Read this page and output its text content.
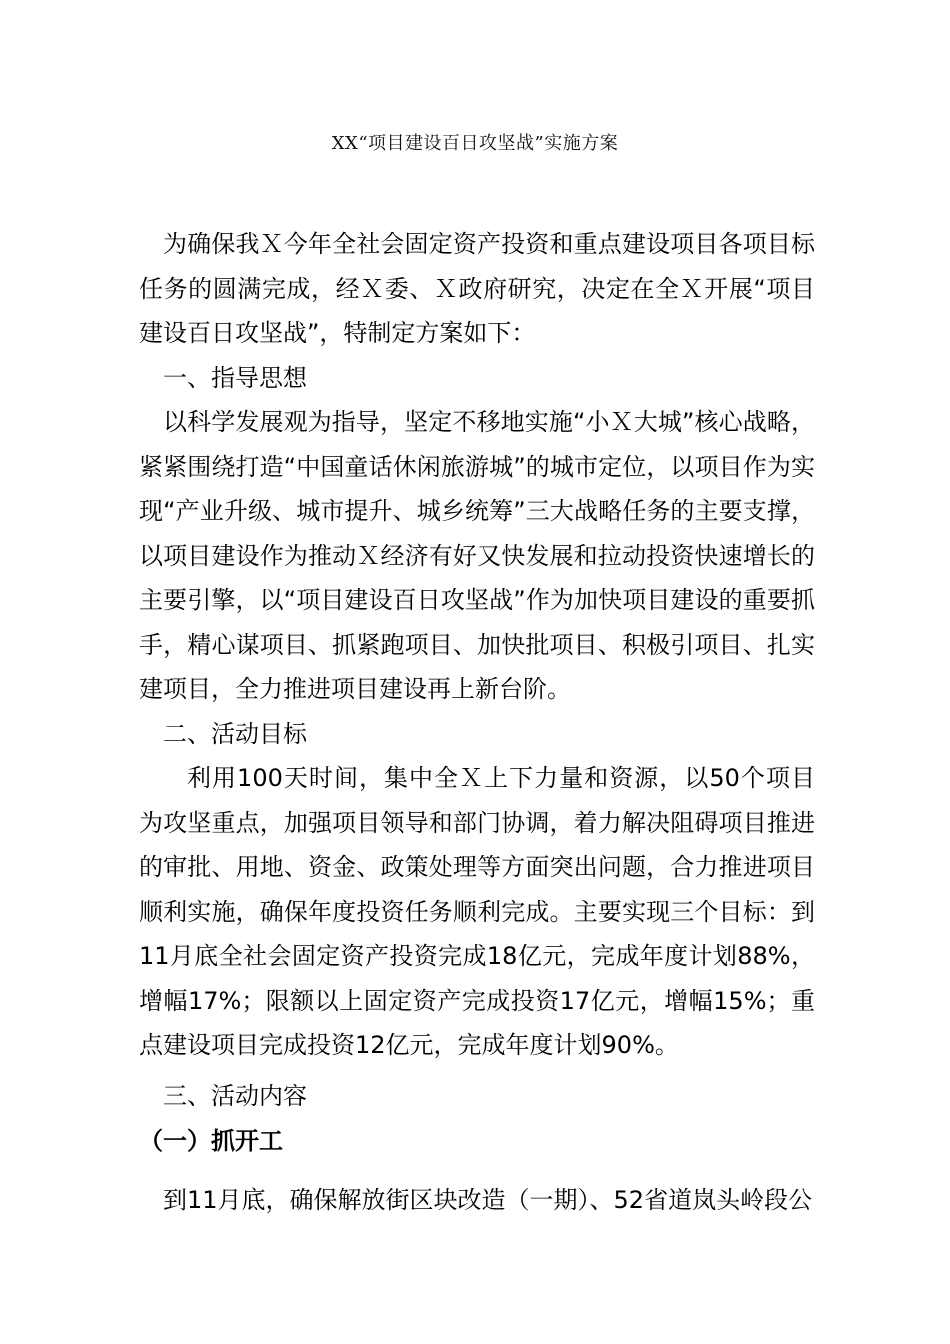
XX“项目建设百日攻坚战”实施方案

为确保我Ｘ今年全社会固定资产投资和重点建设项目各项目标任务的圆满完成，经Ｘ委、Ｘ政府研究，决定在全Ｘ开展“项目建设百日攻坚战”，特制定方案如下：

一、指导思想

以科学发展观为指导，坚定不移地实施“小Ｘ大城”核心战略，紧紧围绕打造“中国童话休闲旅游城”的城市定位，以项目作为实现“产业升级、城市提升、城乡统筹”三大战略任务的主要支撑，以项目建设作为推动Ｘ经济有好又快发展和拉动投资快速增长的主要引擎，以“项目建设百日攻坚战”作为加快项目建设的重要抓手，精心谋项目、抓紧跑项目、加快批项目、积极引项目、扎实建项目，全力推进项目建设再上新台阶。

二、活动目标

利用100天时间，集中全Ｘ上下力量和资源，以50个项目为攻坚重点，加强项目领导和部门协调，着力解决阻碍项目推进的审批、用地、资金、政策处理等方面突出问题，合力推进项目顺利实施，确保年度投资任务顺利完成。主要实现三个目标：到11月底全社会固定资产投资完成18亿元，完成年度计划88%，增幅17%；限额以上固定资产完成投资17亿元，增幅15%；重点建设项目完成投资12亿元，完成年度计划90%。

三、活动内容

（一）抓开工

到11月底，确保解放街区块改造（一期）、52省道岚头岭段公
